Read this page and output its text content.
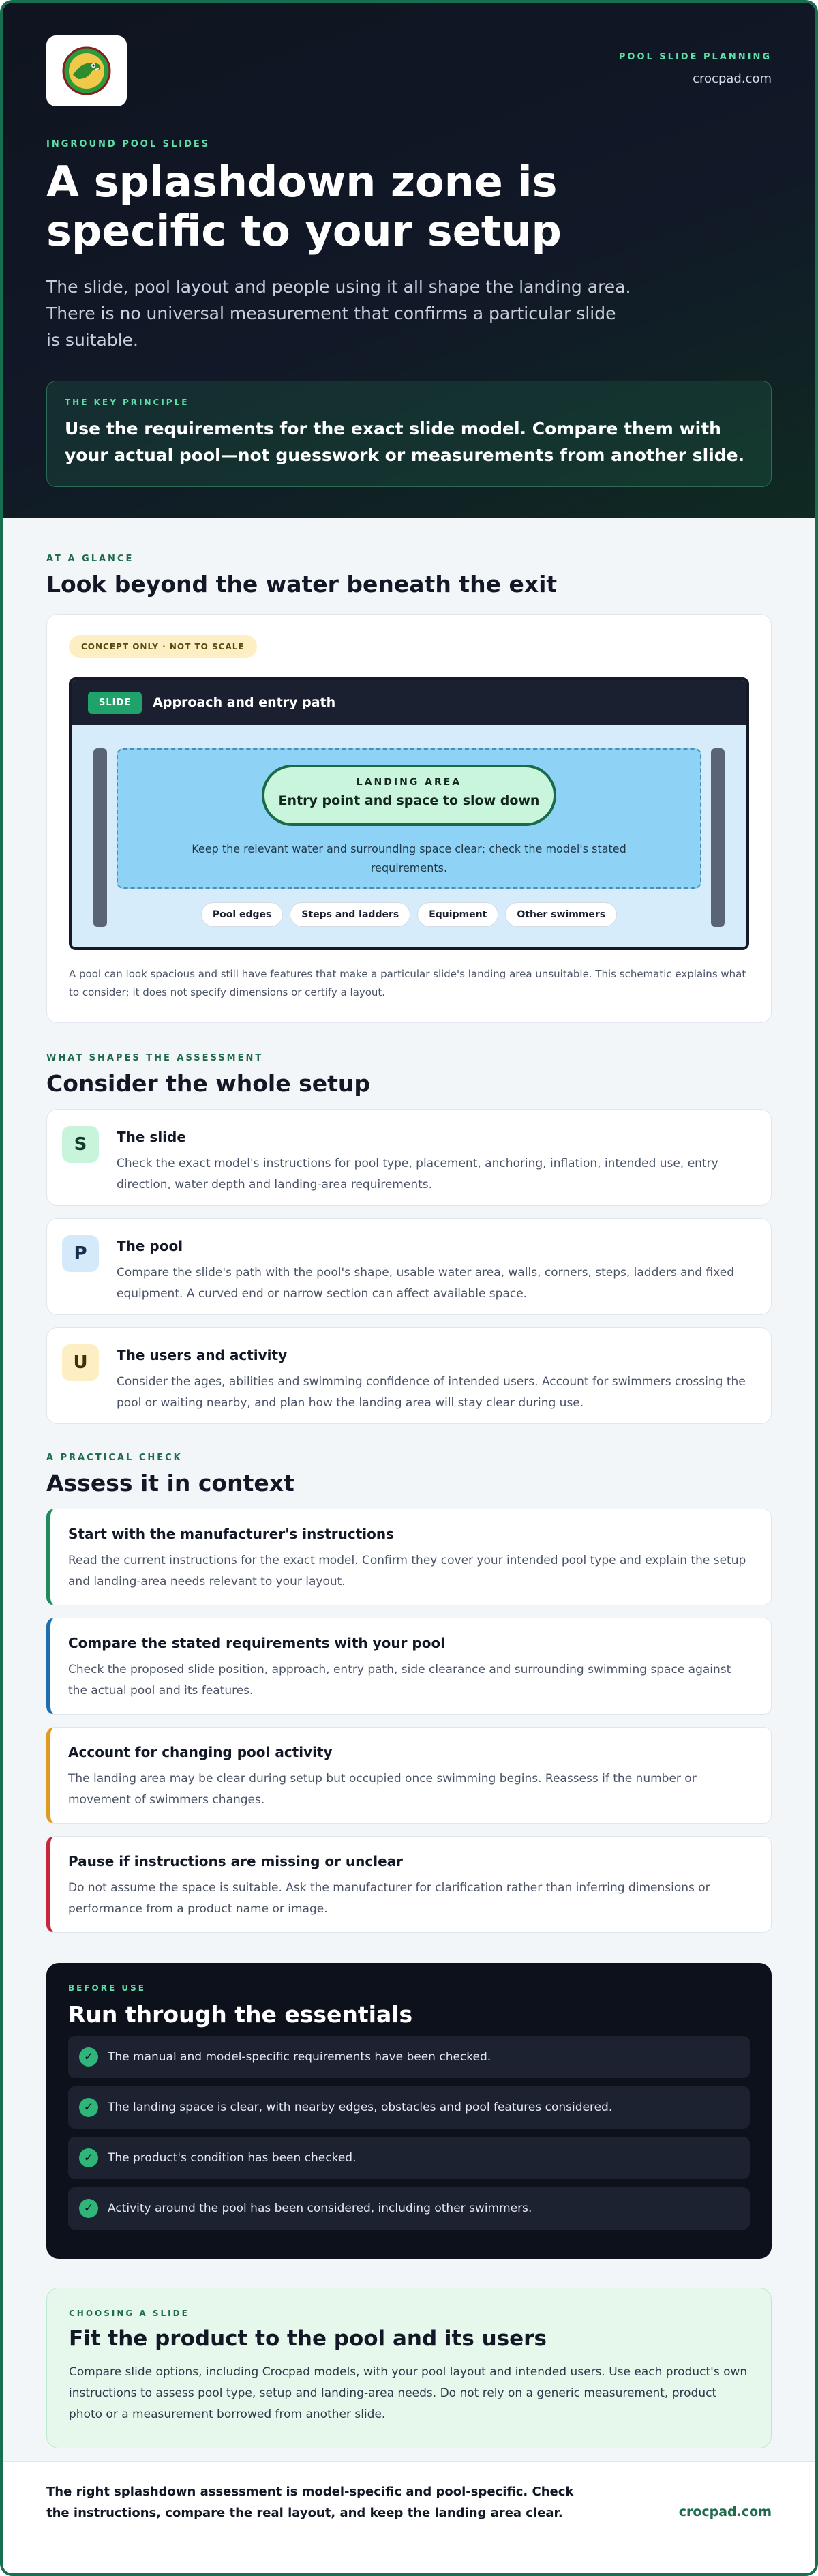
POOL SLIDE PLANNING
crocpad.com
INGROUND POOL SLIDES
A splashdown zone is specific to your setup

The slide, pool layout and people using it all shape the landing area. There is no universal measurement that confirms a particular slide is suitable.

THE KEY PRINCIPLE
Use the requirements for the exact slide model. Compare them with your actual pool—not guesswork or measurements from another slide.
AT A GLANCE
Look beyond the water beneath the exit
CONCEPT ONLY · NOT TO SCALE
SLIDE	Approach and entry path
LANDING AREA
Entry point and space to slow down
Keep the relevant water and surrounding space clear; check the model's stated requirements.
Pool edges	Steps and ladders	Equipment	Other swimmers

A pool can look spacious and still have features that make a particular slide's landing area unsuitable. This schematic explains what to consider; it does not specify dimensions or certify a layout.

WHAT SHAPES THE ASSESSMENT
Consider the whole setup
S	The slide
Check the exact model's instructions for pool type, placement, anchoring, inflation, intended use, entry direction, water depth and landing-area requirements.
P	The pool
Compare the slide's path with the pool's shape, usable water area, walls, corners, steps, ladders and fixed equipment. A curved end or narrow section can affect available space.
U	The users and activity
Consider the ages, abilities and swimming confidence of intended users. Account for swimmers crossing the pool or waiting nearby, and plan how the landing area will stay clear during use.
A PRACTICAL CHECK
Assess it in context
Start with the manufacturer's instructions
Read the current instructions for the exact model. Confirm they cover your intended pool type and explain the setup and landing-area needs relevant to your layout.
Compare the stated requirements with your pool
Check the proposed slide position, approach, entry path, side clearance and surrounding swimming space against the actual pool and its features.
Account for changing pool activity
The landing area may be clear during setup but occupied once swimming begins. Reassess if the number or movement of swimmers changes.
Pause if instructions are missing or unclear
Do not assume the space is suitable. Ask the manufacturer for clarification rather than inferring dimensions or performance from a product name or image.
BEFORE USE
Run through the essentials
✓	The manual and model-specific requirements have been checked.
✓	The landing space is clear, with nearby edges, obstacles and pool features considered.
✓	The product's condition has been checked.
✓	Activity around the pool has been considered, including other swimmers.
CHOOSING A SLIDE
Fit the product to the pool and its users
Compare slide options, including Crocpad models, with your pool layout and intended users. Use each product's own instructions to assess pool type, setup and landing-area needs. Do not rely on a generic measurement, product photo or a measurement borrowed from another slide.
The right splashdown assessment is model-specific and pool-specific. Check the instructions, compare the real layout, and keep the landing area clear.	crocpad.com
